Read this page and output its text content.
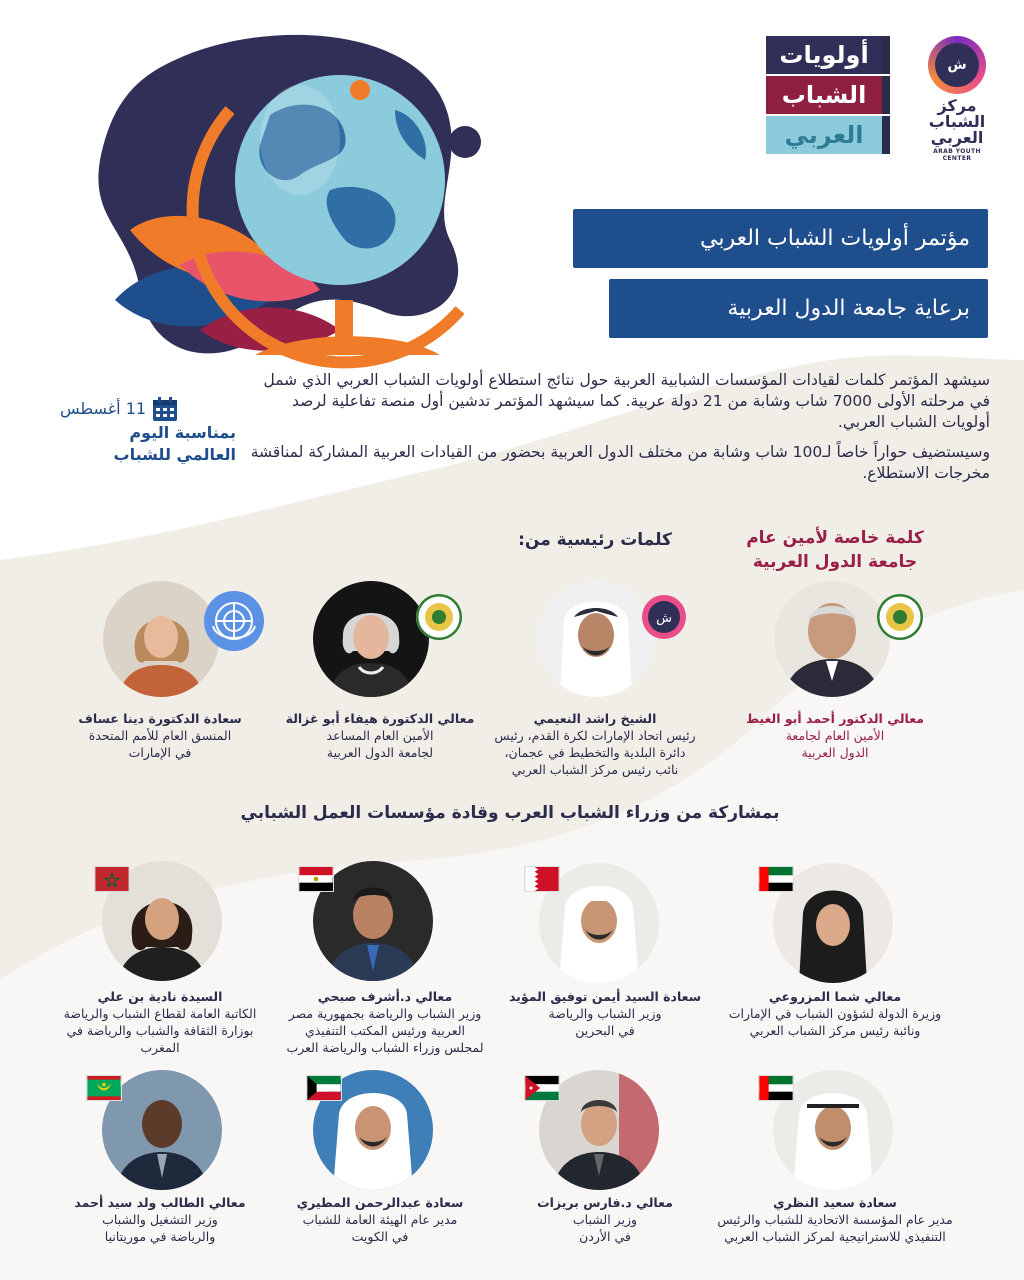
أولويات
الشباب
العربي
ش
مركز الشباب العربي
ARAB YOUTH CENTER
مؤتمر أولويات الشباب العربي
برعاية جامعة الدول العربية

سيشهد المؤتمر كلمات لقيادات المؤسسات الشبابية العربية حول نتائج استطلاع أولويات الشباب العربي الذي شمل في مرحلته الأولى 7000 شاب وشابة من 21 دولة عربية. كما سيشهد المؤتمر تدشين أول منصة تفاعلية لرصد أولويات الشباب العربي.

وسيستضيف حواراً خاصاً لـ100 شاب وشابة من مختلف الدول العربية بحضور من القيادات العربية المشاركة لمناقشة مخرجات الاستطلاع.

11 أغسطس
بمناسبة اليوم
العالمي للشباب
كلمة خاصة لأمين عام
جامعة الدول العربية
كلمات رئيسية من:
بمشاركة من وزراء الشباب العرب وقادة مؤسسات العمل الشبابي
معالي الدكتور أحمد أبو الغيط
الأمين العام لجامعة
الدول العربية
ش
الشيخ راشد النعيمي
رئيس اتحاد الإمارات لكرة القدم، رئيس
دائرة البلدية والتخطيط في عجمان،
نائب رئيس مركز الشباب العربي
معالي الدكتورة هيفاء أبو غزالة
الأمين العام المساعد
لجامعة الدول العربية
سعادة الدكتورة دينا عساف
المنسق العام للأمم المتحدة
في الإمارات
معالي شما المزروعي
وزيرة الدولة لشؤون الشباب في الإمارات
ونائبة رئيس مركز الشباب العربي
سعادة السيد أيمن توفيق المؤيد
وزير الشباب والرياضة
في البحرين
معالي د.أشرف صبحي
وزير الشباب والرياضة بجمهورية مصر
العربية ورئيس المكتب التنفيذي
لمجلس وزراء الشباب والرياضة العرب
السيدة نادية بن علي
الكاتبة العامة لقطاع الشباب والرياضة
بوزارة الثقافة والشباب والرياضة في
المغرب
سعادة سعيد النظري
مدير عام المؤسسة الاتحادية للشباب والرئيس
التنفيذي للاستراتيجية لمركز الشباب العربي
معالي د.فارس بريزات
وزير الشباب
في الأردن
سعادة عبدالرحمن المطيري
مدير عام الهيئة العامة للشباب
في الكويت
معالي الطالب ولد سيد أحمد
وزير التشغيل والشباب
والرياضة في موريتانيا
